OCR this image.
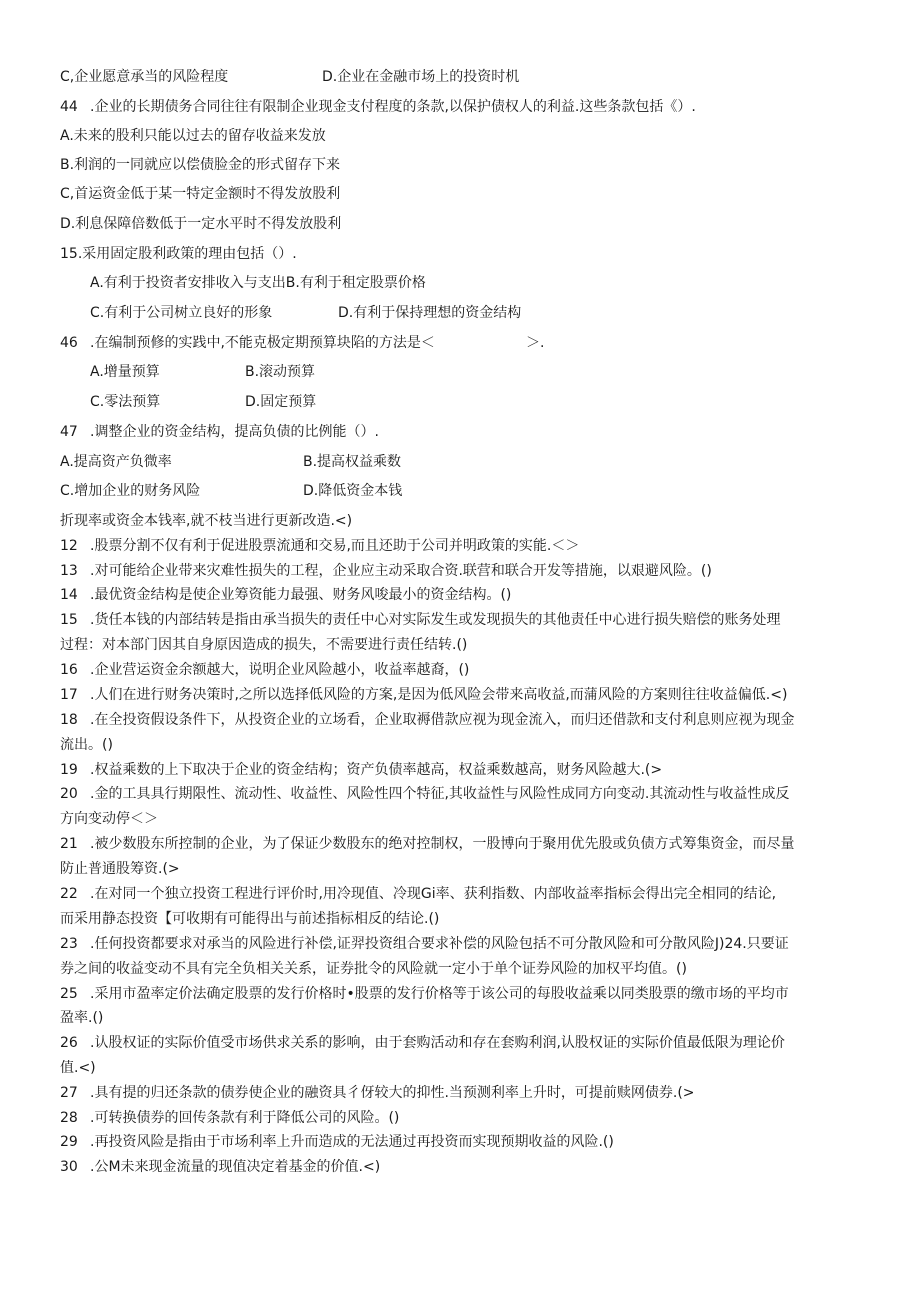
C,企业愿意承当的风险程度	D.企业在金融市场上的投资时机
44 .企业的长期债务合同往往有限制企业现金支付程度的条款,以保护债权人的利益.这些条款包括《）.
A.未来的股利只能以过去的留存收益来发放
B.利润的一同就应以偿债脸金的形式留存下来
C,首运资金低于某一特定金额时不得发放股利
D.利息保障倍数低于一定水平时不得发放股利
15.采用固定股利政策的理由包括（）.
A.有利于投资者安排收入与支出B.有利于租定股票价格
C.有利于公司树立良好的形象	D.有利于保持理想的资金结构
46 .在编制预修的实践中,不能克极定期预算块陷的方法是＜	＞.
A.增量预算	B.滚动预算
C.零法预算	D.固定预算
47 .调整企业的资金结构，提高负债的比例能（）.
A.提高资产负微率	B.提高权益乘数
C.增加企业的财务风险	D.降低资金本钱
折现率或资金本钱率,就不枝当进行更新改造.<)
12 .股票分割不仅有利于促进股票流通和交易,而且还助于公司并明政策的实能.＜＞
13 .对可能给企业带来灾难性损失的工程，企业应主动采取合资.联营和联合开发等措施，以艰避风险。()
14 .最优资金结构是使企业筹资能力最强、财务风唆最小的资金结构。()
15 .货任本钱的内部结转是指由承当损失的责任中心对实际发生或发现损失的其他责任中心进行损失赔偿的账务处理
过程：对本部门因其自身原因造成的损失，不需要进行责任结转.()
16 .企业营运资金余额越大，说明企业风险越小，收益率越裔，()
17 .人们在进行财务决策时,之所以选择低风险的方案,是因为低风险会带来高收益,而蒲风险的方案则往往收益偏低.<)
18 .在全投资假设条件下，从投资企业的立场看，企业取褥借款应视为现金流入，而归还借款和支付利息则应视为现金
流出。()
19 .权益乘数的上下取决于企业的资金结构；资产负债率越高，权益乘数越高，财务风险越大.(>
20 .金的工具具行期限性、流动性、收益性、风险性四个特征,其收益性与风险性成同方向变动.其流动性与收益性成反
方向变动停＜＞
21 .被少数股东所控制的企业，为了保证少数股东的绝对控制权，一股博向于聚用优先股或负债方式筹集资金，而尽量
防止普通股筹资.(>
22 .在对同一个独立投资工程进行评价时,用冷现值、冷现Gi率、获利指数、内部收益率指标会得出完全相同的结论,
而采用静态投资【可收期有可能得出与前述指标相反的结论.()
23 .任何投资都要求对承当的风险进行补偿,证羿投资组合要求补偿的风险包括不可分散风险和可分散风险J)24.只要证
券之间的收益变动不具有完全负相关关系，证券批令的风险就一定小于单个证券风险的加权平均值。()
25 .采用市盈率定价法确定股票的发行价格时•股票的发行价格等于该公司的每股收益乘以同类股票的缴市场的平均市
盈率.()
26 .认股权证的实际价值受市场供求关系的影响，由于套购活动和存在套购利润,认股权证的实际价值最低限为理论价
值.<)
27 .具有提的归还条款的债券使企业的融资具彳伢较大的抑性.当预测利率上升时，可提前赎网债券.(>
28 .可转换债券的回传条款有利于降低公司的风险。()
29 .再投资风险是指由于市场利率上升而造成的无法通过再投资而实现预期收益的风险.()
30 .公M未来现金流量的现值决定着基金的价值.<)
